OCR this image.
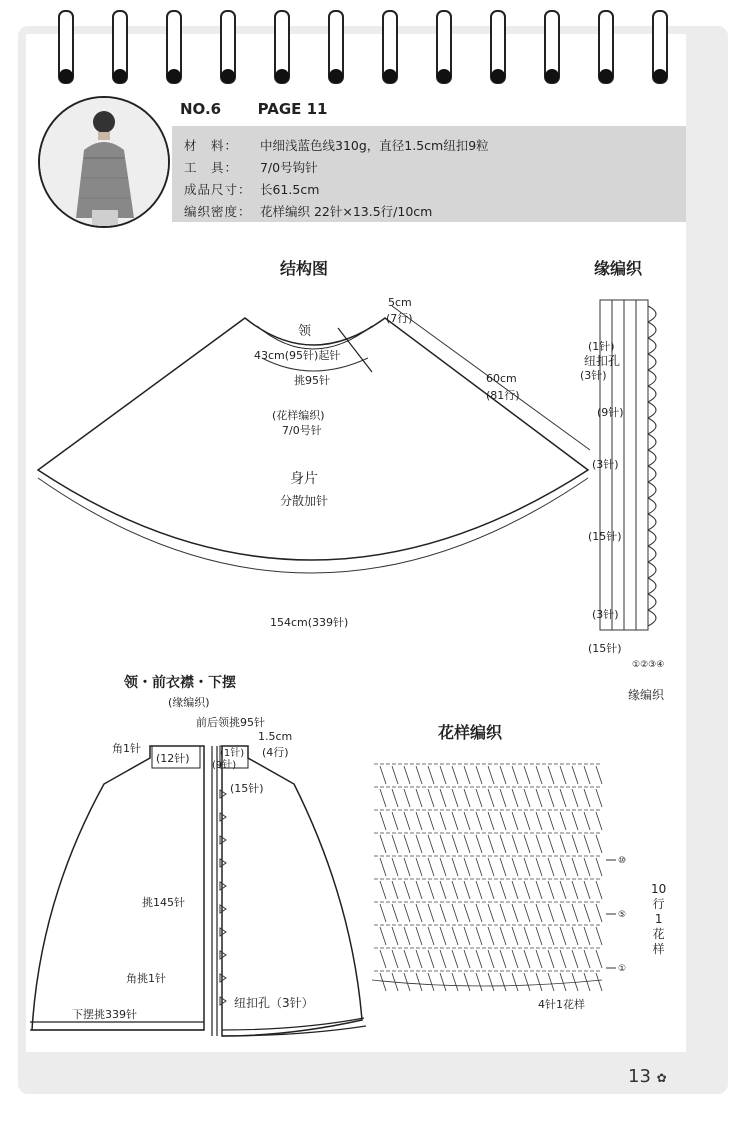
NO.6 PAGE 11
材　料： 中细浅蓝色线310g，直径1.5cm纽扣9粒
工　具： 7/0号钩针
成品尺寸： 长61.5cm
编织密度： 花样编织 22针×13.5行/10cm
结构图
领
5cm
(7行)
43cm(95针)起针
挑95针	60cm
(81行)
(花样编织)
7/0号针
身片
分散加针
154cm(339针)
缘编织
(1针)
纽扣孔
(3针)
(9针)
(3针)
(15针)
(3针)
(15针)
①②③④
缘编织
领・前衣襟・下摆
(缘编织)
前后领挑95针
角1针
(12针)	(1针)
(9针)
1.5cm
(4行)
(15针)
挑145针
角挑1针
纽扣孔（3针）
下摆挑339针
花样编织
⑩
⑤
①
10
行
1
花
样
4针1花样
13 ✿
